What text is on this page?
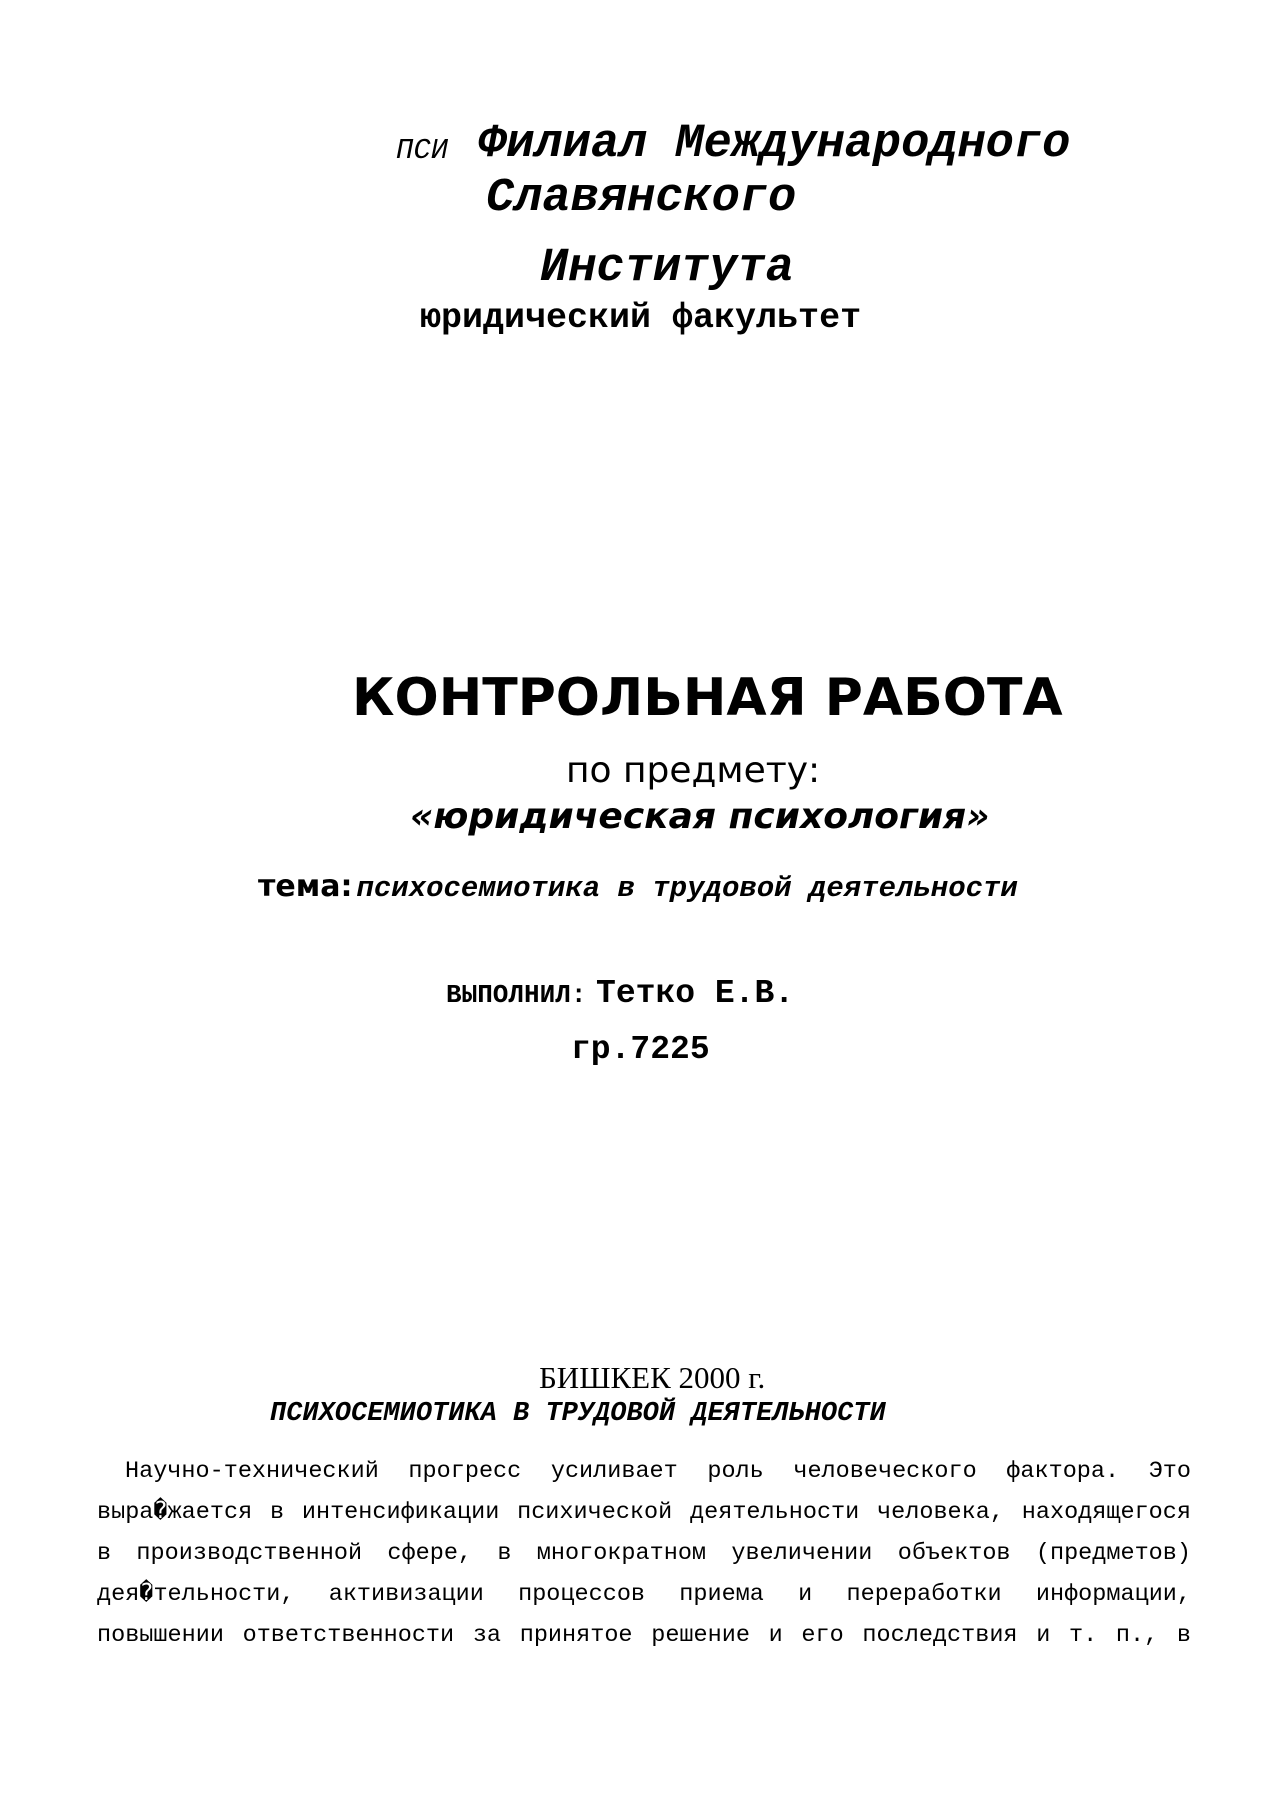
ПСИ Филиал Международного
Славянского
Института
юридический факультет
КОНТРОЛЬНАЯ РАБОТА
по предмету:
«юридическая психология»
тема: психосемиотика в трудовой деятельности
ВЫПОЛНИЛ: Тетко Е.В.
гр.7225
БИШКЕК 2000 г.
ПСИХОСЕМИОТИКА В ТРУДОВОЙ ДЕЯТЕЛЬНОСТИ
Научно-технический прогресс усиливает роль человеческого фактора. Это
выра�жается в интенсификации психической деятельности человека, находящегося
в производственной сфере, в многократном увеличении объектов (предметов)
дея�тельности, активизации процессов приема и переработки информации,
повышении ответственности за принятое решение и его последствия и т. п., в
